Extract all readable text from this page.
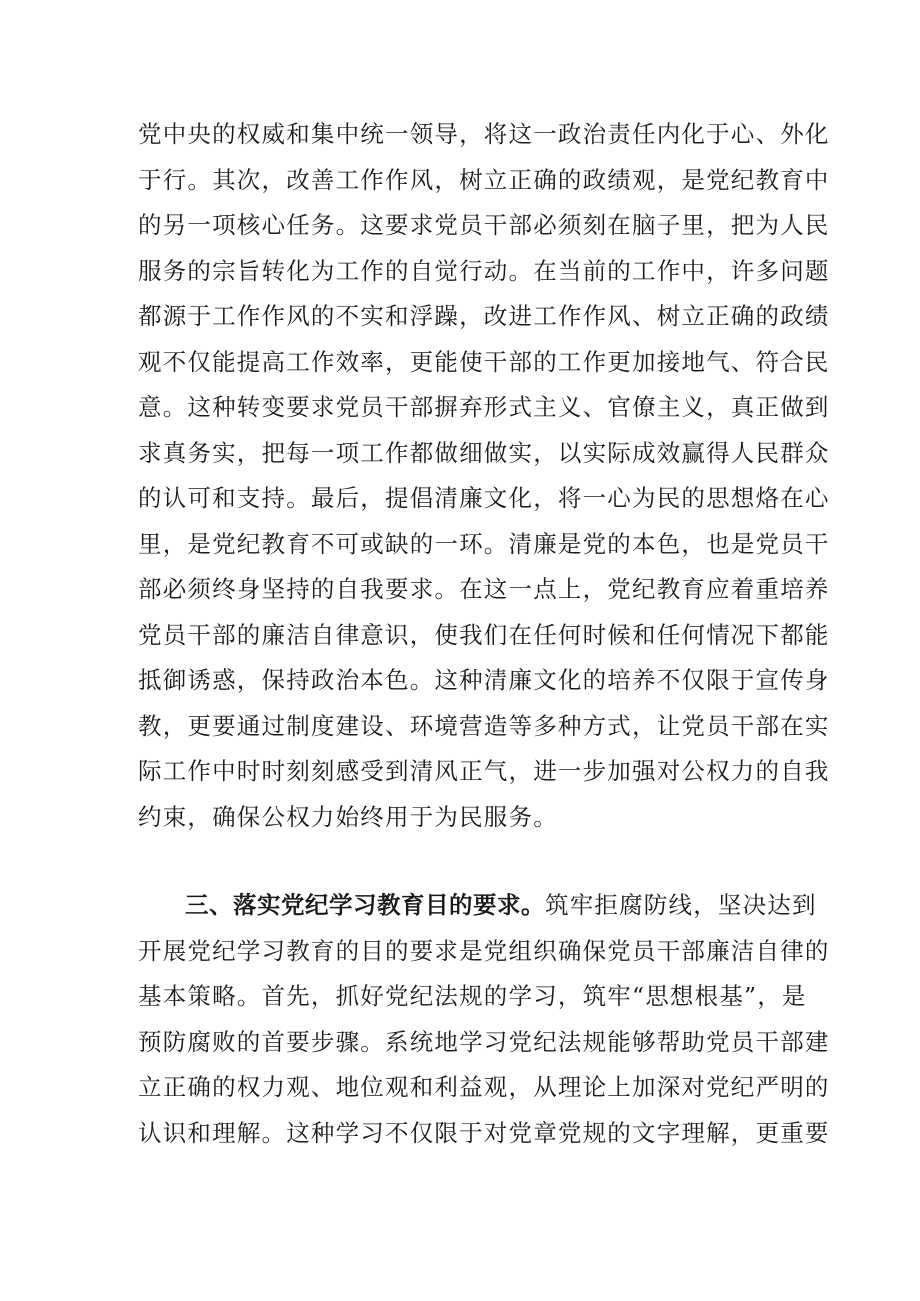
党中央的权威和集中统一领导，将这一政治责任内化于心、外化
于行。其次，改善工作作风，树立正确的政绩观，是党纪教育中
的另一项核心任务。这要求党员干部必须刻在脑子里，把为人民
服务的宗旨转化为工作的自觉行动。在当前的工作中，许多问题
都源于工作作风的不实和浮躁，改进工作作风、树立正确的政绩
观不仅能提高工作效率，更能使干部的工作更加接地气、符合民
意。这种转变要求党员干部摒弃形式主义、官僚主义，真正做到
求真务实，把每一项工作都做细做实，以实际成效赢得人民群众
的认可和支持。最后，提倡清廉文化，将一心为民的思想烙在心
里，是党纪教育不可或缺的一环。清廉是党的本色，也是党员干
部必须终身坚持的自我要求。在这一点上，党纪教育应着重培养
党员干部的廉洁自律意识，使我们在任何时候和任何情况下都能
抵御诱惑，保持政治本色。这种清廉文化的培养不仅限于宣传身
教，更要通过制度建设、环境营造等多种方式，让党员干部在实
际工作中时时刻刻感受到清风正气，进一步加强对公权力的自我
约束，确保公权力始终用于为民服务。
三、落实党纪学习教育目的要求。筑牢拒腐防线，坚决达到
开展党纪学习教育的目的要求是党组织确保党员干部廉洁自律的
基本策略。首先，抓好党纪法规的学习，筑牢“思想根基”，是
预防腐败的首要步骤。系统地学习党纪法规能够帮助党员干部建
立正确的权力观、地位观和利益观，从理论上加深对党纪严明的
认识和理解。这种学习不仅限于对党章党规的文字理解，更重要
